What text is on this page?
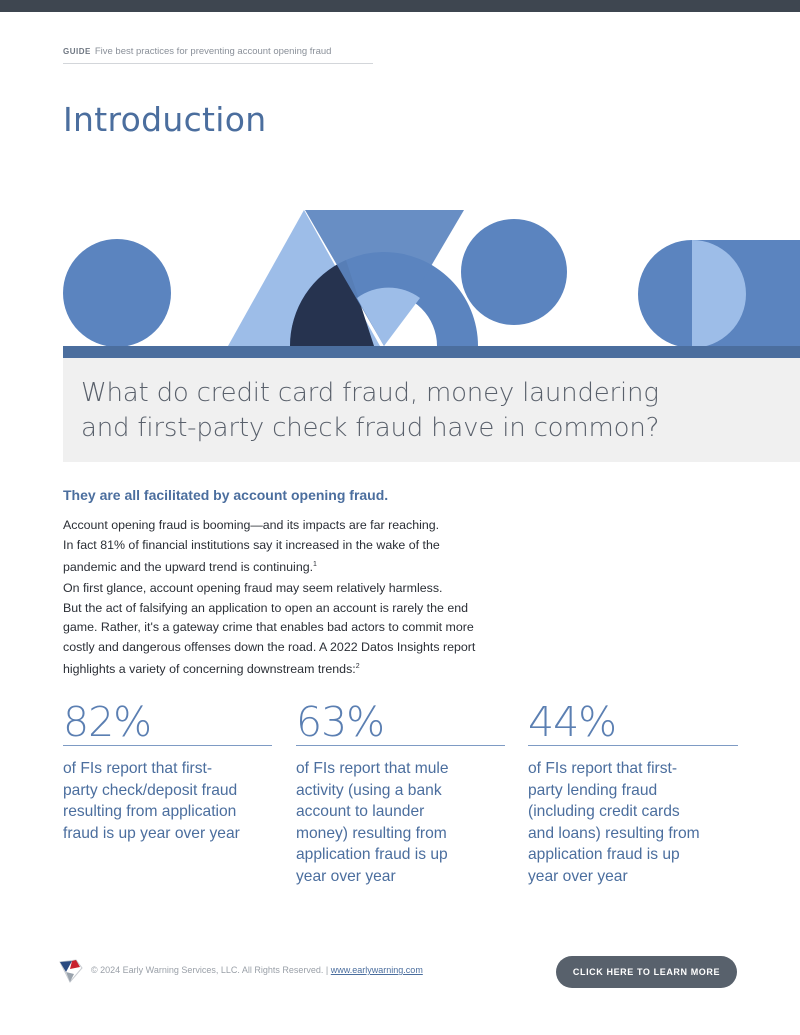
GUIDE Five best practices for preventing account opening fraud
Introduction
What do credit card fraud, money laundering
and first-party check fraud have in common?
They are all facilitated by account opening fraud.
Account opening fraud is booming—and its impacts are far reaching.
In fact 81% of financial institutions say it increased in the wake of the
pandemic and the upward trend is continuing.$^1$
On first glance, account opening fraud may seem relatively harmless.
But the act of falsifying an application to open an account is rarely the end
game. Rather, it's a gateway crime that enables bad actors to commit more
costly and dangerous offenses down the road. A 2022 Datos Insights report
highlights a variety of concerning downstream trends:$^2$
82%
of FIs report that first-
party check/deposit fraud
resulting from application
fraud is up year over year
63%
of FIs report that mule
activity (using a bank
account to launder
money) resulting from
application fraud is up
year over year
44%
of FIs report that first-
party lending fraud
(including credit cards
and loans) resulting from
application fraud is up
year over year
© 2024 Early Warning Services, LLC. All Rights Reserved. | www.earlywarning.com	CLICK HERE TO LEARN MORE
